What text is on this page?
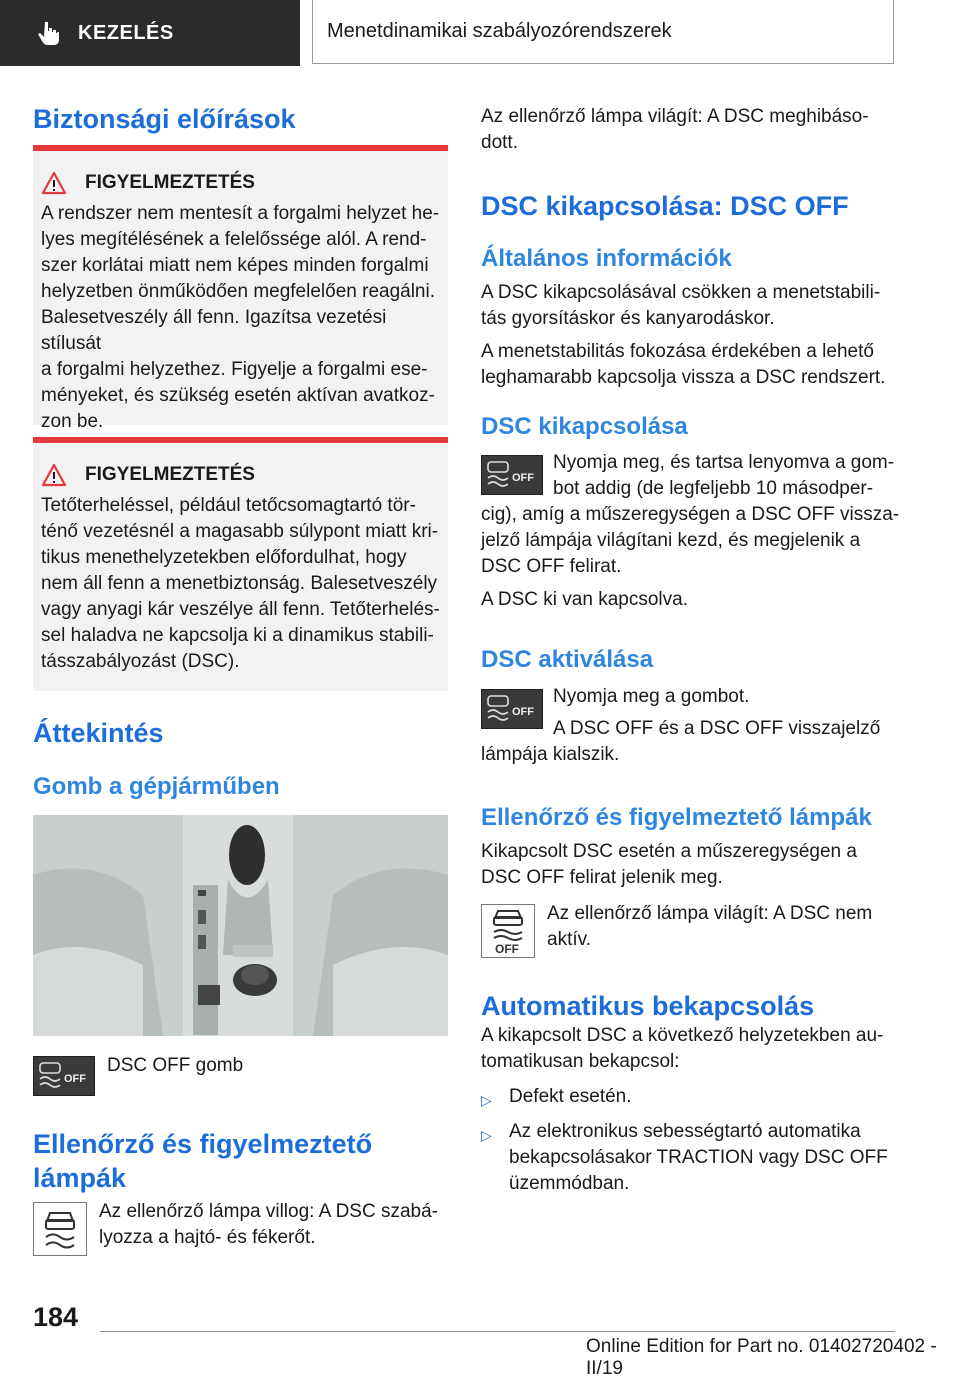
KEZELÉS	Menetdinamikai szabályozórendszerek
Biztonsági előírások
FIGYELMEZTETÉS
A rendszer nem mentesít a forgalmi helyzet he-
lyes megítélésének a felelőssége alól. A rend-
szer korlátai miatt nem képes minden forgalmi
helyzetben önműködően megfelelően reagálni.
Balesetveszély áll fenn. Igazítsa vezetési stílusát
a forgalmi helyzethez. Figyelje a forgalmi ese-
ményeket, és szükség esetén aktívan avatkoz-
zon be.
FIGYELMEZTETÉS
Tetőterheléssel, például tetőcsomagtartó tör-
ténő vezetésnél a magasabb súlypont miatt kri-
tikus menethelyzetekben előfordulhat, hogy
nem áll fenn a menetbiztonság. Balesetveszély
vagy anyagi kár veszélye áll fenn. Tetőterhelés-
sel haladva ne kapcsolja ki a dinamikus stabili-
tásszabályozást (DSC).
Áttekintés
Gomb a gépjárműben
OFF
DSC OFF gomb
Ellenőrző és figyelmeztető
lámpák
Az ellenőrző lámpa villog: A DSC szabá-
lyozza a hajtó- és fékerőt.
Az ellenőrző lámpa világít: A DSC meghibáso-
dott.
DSC kikapcsolása: DSC OFF
Általános információk
A DSC kikapcsolásával csökken a menetstabili-
tás gyorsításkor és kanyarodáskor.
A menetstabilitás fokozása érdekében a lehető
leghamarabb kapcsolja vissza a DSC rendszert.
DSC kikapcsolása
OFF
Nyomja meg, és tartsa lenyomva a gom-
bot addig (de legfeljebb 10 másodper-
cig), amíg a műszeregységen a DSC OFF vissza-
jelző lámpája világítani kezd, és megjelenik a
DSC OFF felirat.
A DSC ki van kapcsolva.
DSC aktiválása
OFF
Nyomja meg a gombot.
A DSC OFF és a DSC OFF visszajelző
lámpája kialszik.
Ellenőrző és figyelmeztető lámpák
Kikapcsolt DSC esetén a műszeregységen a
DSC OFF felirat jelenik meg.
OFF
Az ellenőrző lámpa világít: A DSC nem
aktív.
Automatikus bekapcsolás
A kikapcsolt DSC a következő helyzetekben au-
tomatikusan bekapcsol:
▷ Defekt esetén.
▷ Az elektronikus sebességtartó automatika
bekapcsolásakor TRACTION vagy DSC OFF
üzemmódban.
184
Online Edition for Part no. 01402720402 - II/19
